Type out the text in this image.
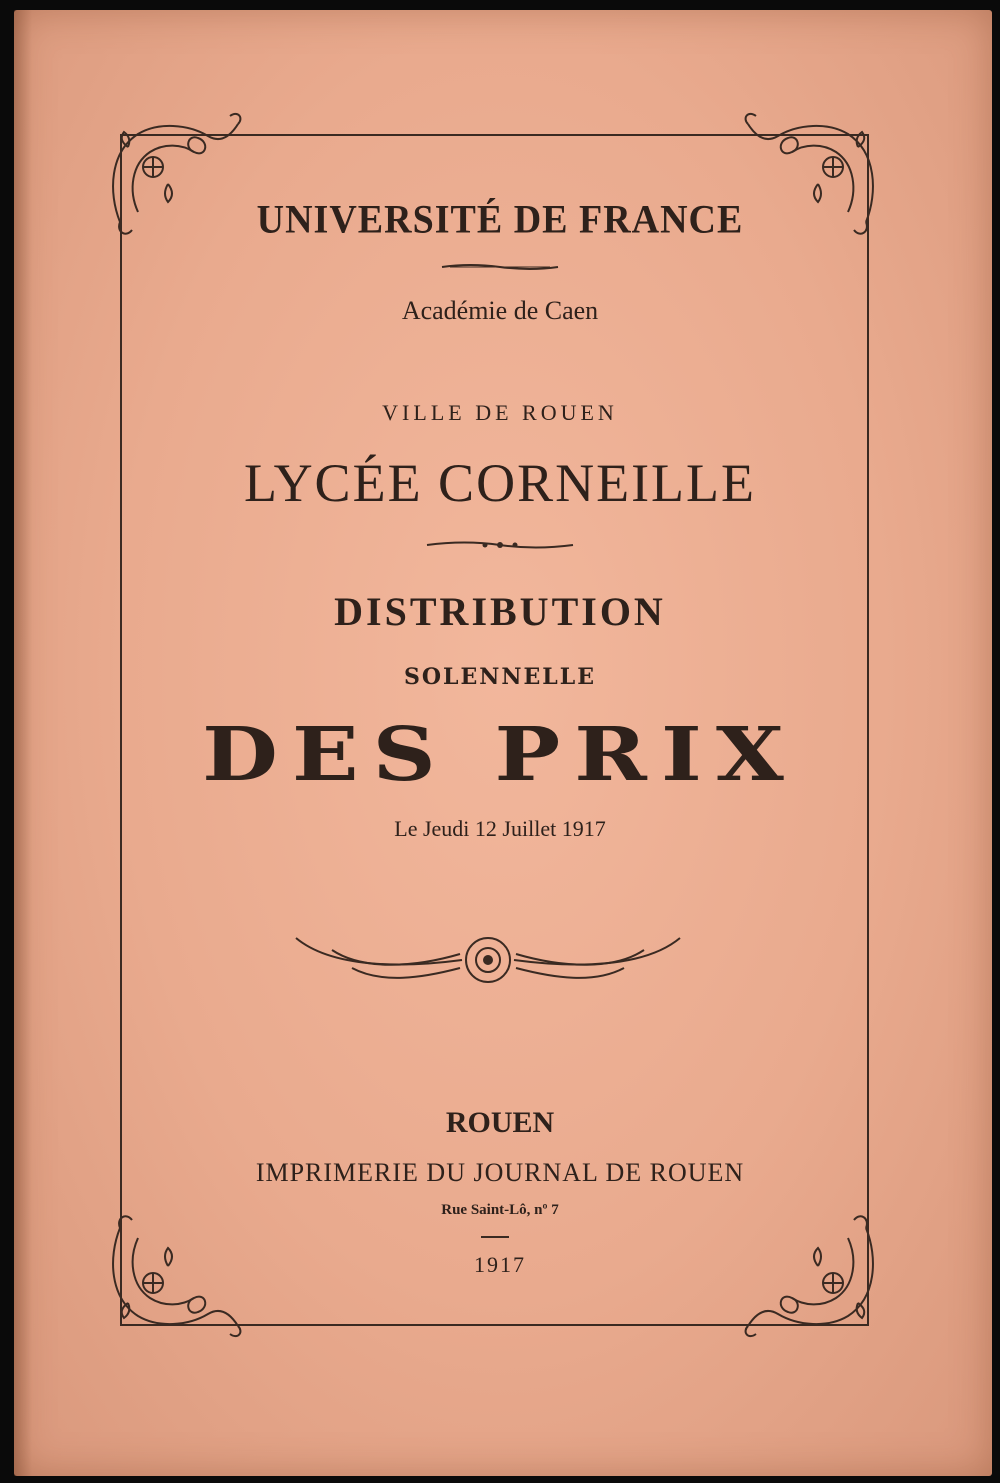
UNIVERSITÉ DE FRANCE
Académie de Caen
VILLE DE ROUEN
LYCÉE CORNEILLE
DISTRIBUTION
SOLENNELLE
DES PRIX
Le Jeudi 12 Juillet 1917
ROUEN
IMPRIMERIE DU JOURNAL DE ROUEN
Rue Saint-Lô, nº 7
1917
